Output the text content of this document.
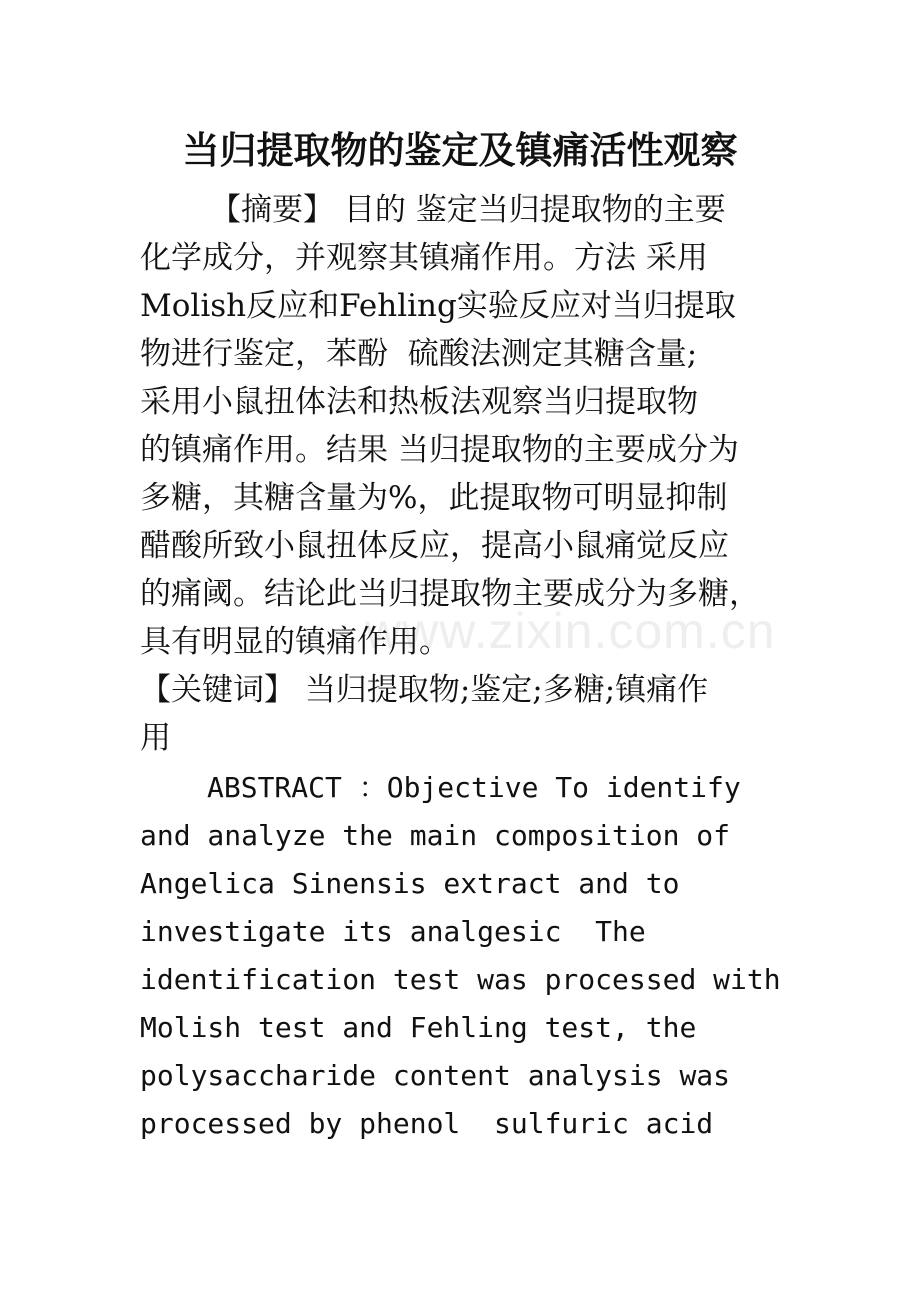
www.zixin.com.cn
当归提取物的鉴定及镇痛活性观察
【摘要】 目的 鉴定当归提取物的主要
化学成分，并观察其镇痛作用。方法 采用
Molish反应和Fehling实验反应对当归提取
物进行鉴定，苯酚  硫酸法测定其糖含量;
采用小鼠扭体法和热板法观察当归提取物
的镇痛作用。结果 当归提取物的主要成分为
多糖，其糖含量为%，此提取物可明显抑制
醋酸所致小鼠扭体反应，提高小鼠痛觉反应
的痛阈。结论此当归提取物主要成分为多糖，
具有明显的镇痛作用。
【关键词】 当归提取物;鉴定;多糖;镇痛作
用
ABSTRACT ：Objective To identify
and analyze the main composition of
Angelica Sinensis extract and to
investigate its analgesic  The
identification test was processed with
Molish test and Fehling test, the
polysaccharide content analysis was
processed by phenol  sulfuric acid
